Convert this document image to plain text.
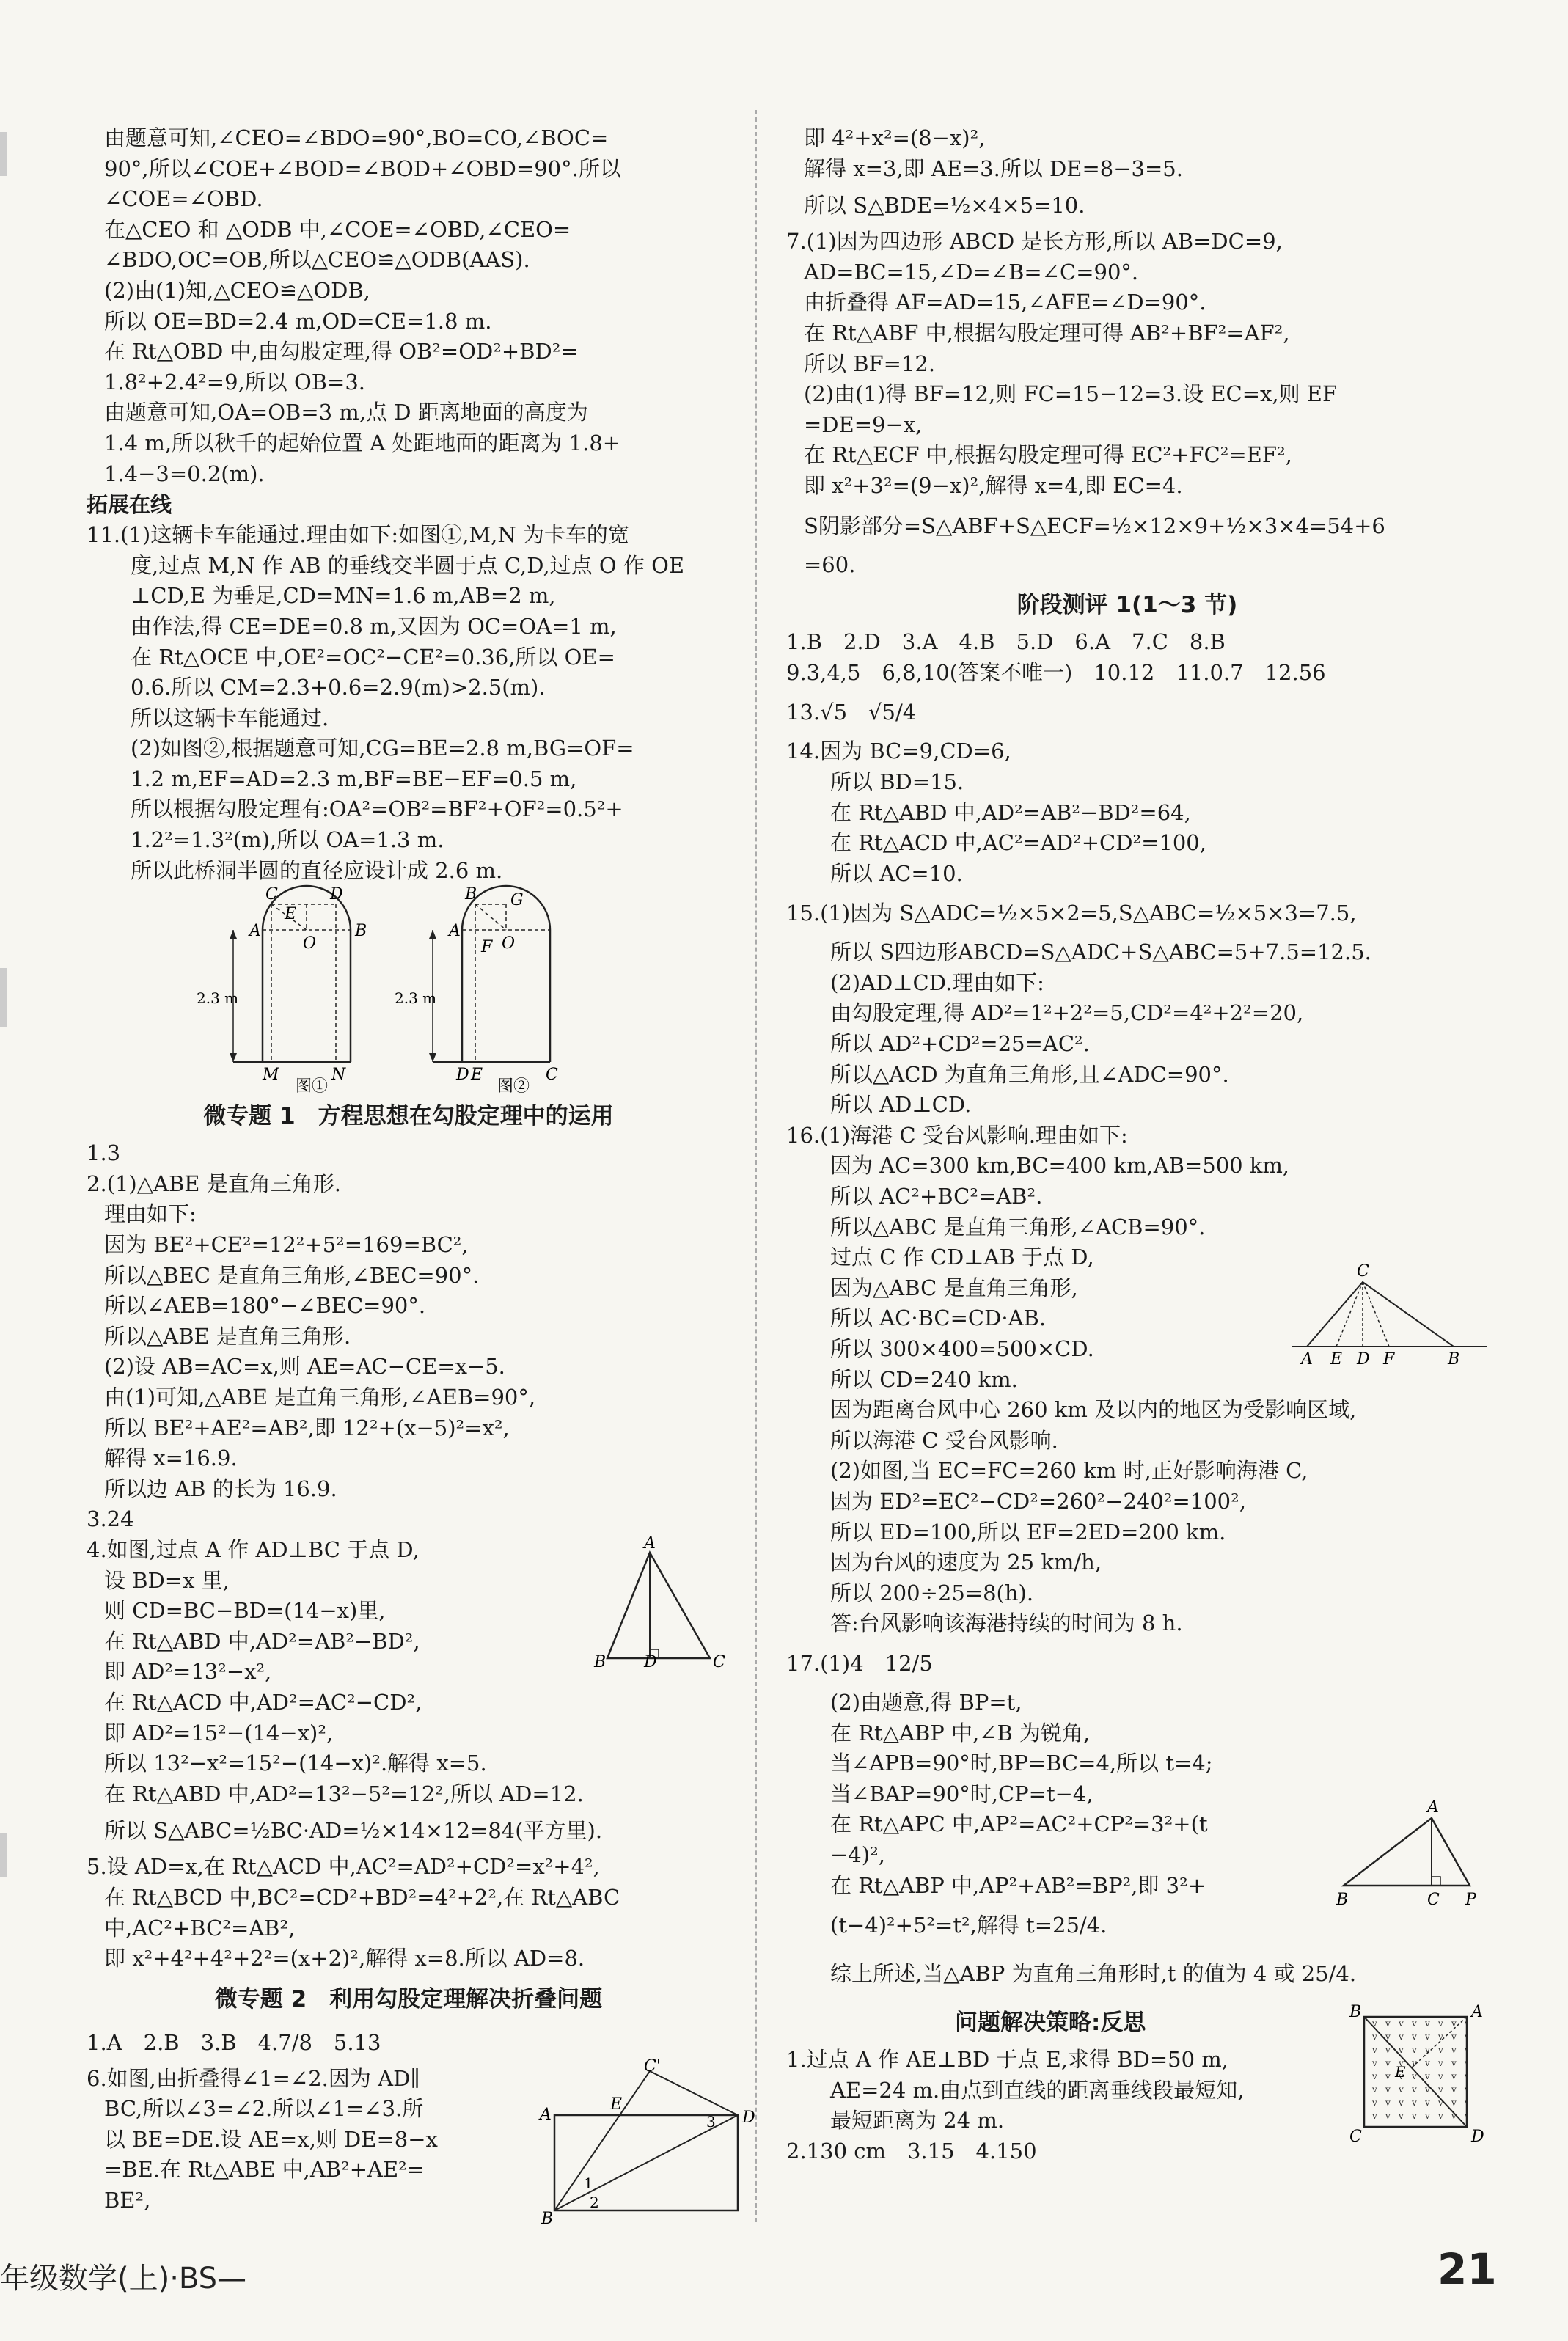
由题意可知,∠CEO=∠BDO=90°,BO=CO,∠BOC=
90°,所以∠COE+∠BOD=∠BOD+∠OBD=90°.所以
∠COE=∠OBD.
在△CEO 和 △ODB 中,∠COE=∠OBD,∠CEO=
∠BDO,OC=OB,所以△CEO≌△ODB(AAS).
(2)由(1)知,△CEO≌△ODB,
所以 OE=BD=2.4 m,OD=CE=1.8 m.
在 Rt△OBD 中,由勾股定理,得 OB²=OD²+BD²=
1.8²+2.4²=9,所以 OB=3.
由题意可知,OA=OB=3 m,点 D 距离地面的高度为
1.4 m,所以秋千的起始位置 A 处距地面的距离为 1.8+
1.4−3=0.2(m).
拓展在线
11.(1)这辆卡车能通过.理由如下:如图①,M,N 为卡车的宽
度,过点 M,N 作 AB 的垂线交半圆于点 C,D,过点 O 作 OE
⊥CD,E 为垂足,CD=MN=1.6 m,AB=2 m,
由作法,得 CE=DE=0.8 m,又因为 OC=OA=1 m,
在 Rt△OCE 中,OE²=OC²−CE²=0.36,所以 OE=
0.6.所以 CM=2.3+0.6=2.9(m)>2.5(m).
所以这辆卡车能通过.
(2)如图②,根据题意可知,CG=BE=2.8 m,BG=OF=
1.2 m,EF=AD=2.3 m,BF=BE−EF=0.5 m,
所以根据勾股定理有:OA²=OB²=BF²+OF²=0.5²+
1.2²=1.3²(m),所以 OA=1.3 m.
所以此桥洞半圆的直径应设计成 2.6 m.
C
E
D
A
O
B
2.3 m
M	N
图①
B G
A
F O
2.3 m
D E	C
图②
微专题 1　方程思想在勾股定理中的运用
1.3
2.(1)△ABE 是直角三角形.
理由如下:
因为 BE²+CE²=12²+5²=169=BC²,
所以△BEC 是直角三角形,∠BEC=90°.
所以∠AEB=180°−∠BEC=90°.
所以△ABE 是直角三角形.
(2)设 AB=AC=x,则 AE=AC−CE=x−5.
由(1)可知,△ABE 是直角三角形,∠AEB=90°,
所以 BE²+AE²=AB²,即 12²+(x−5)²=x²,
解得 x=16.9.
所以边 AB 的长为 16.9.
3.24
A
B D	C
4.如图,过点 A 作 AD⊥BC 于点 D,
设 BD=x 里,
则 CD=BC−BD=(14−x)里,
在 Rt△ABD 中,AD²=AB²−BD²,
即 AD²=13²−x²,
在 Rt△ACD 中,AD²=AC²−CD²,
即 AD²=15²−(14−x)²,
所以 13²−x²=15²−(14−x)².解得 x=5.
在 Rt△ABD 中,AD²=13²−5²=12²,所以 AD=12.
所以 S△ABC=½BC·AD=½×14×12=84(平方里).
5.设 AD=x,在 Rt△ACD 中,AC²=AD²+CD²=x²+4²,
在 Rt△BCD 中,BC²=CD²+BD²=4²+2²,在 Rt△ABC
中,AC²+BC²=AB²,
即 x²+4²+4²+2²=(x+2)²,解得 x=8.所以 AD=8.
微专题 2　利用勾股定理解决折叠问题
1.A　2.B　3.B　4.7/8　5.13
C'
A
E
3 D
1
2
B
6.如图,由折叠得∠1=∠2.因为 AD∥
BC,所以∠3=∠2.所以∠1=∠3.所
以 BE=DE.设 AE=x,则 DE=8−x
=BE.在 Rt△ABE 中,AB²+AE²=
BE²,
即 4²+x²=(8−x)²,
解得 x=3,即 AE=3.所以 DE=8−3=5.
所以 S△BDE=½×4×5=10.
7.(1)因为四边形 ABCD 是长方形,所以 AB=DC=9,
AD=BC=15,∠D=∠B=∠C=90°.
由折叠得 AF=AD=15,∠AFE=∠D=90°.
在 Rt△ABF 中,根据勾股定理可得 AB²+BF²=AF²,
所以 BF=12.
(2)由(1)得 BF=12,则 FC=15−12=3.设 EC=x,则 EF
=DE=9−x,
在 Rt△ECF 中,根据勾股定理可得 EC²+FC²=EF²,
即 x²+3²=(9−x)²,解得 x=4,即 EC=4.
S阴影部分=S△ABF+S△ECF=½×12×9+½×3×4=54+6
=60.
阶段测评 1(1～3 节)
1.B　2.D　3.A　4.B　5.D　6.A　7.C　8.B
9.3,4,5　6,8,10(答案不唯一)　10.12　11.0.7　12.56
13.√5　√5/4
14.因为 BC=9,CD=6,
所以 BD=15.
在 Rt△ABD 中,AD²=AB²−BD²=64,
在 Rt△ACD 中,AC²=AD²+CD²=100,
所以 AC=10.
15.(1)因为 S△ADC=½×5×2=5,S△ABC=½×5×3=7.5,
所以 S四边形ABCD=S△ADC+S△ABC=5+7.5=12.5.
(2)AD⊥CD.理由如下:
由勾股定理,得 AD²=1²+2²=5,CD²=4²+2²=20,
所以 AD²+CD²=25=AC².
所以△ACD 为直角三角形,且∠ADC=90°.
所以 AD⊥CD.
C
A E D F	B
16.(1)海港 C 受台风影响.理由如下:
因为 AC=300 km,BC=400 km,AB=500 km,
所以 AC²+BC²=AB².
所以△ABC 是直角三角形,∠ACB=90°.
过点 C 作 CD⊥AB 于点 D,
因为△ABC 是直角三角形,
所以 AC·BC=CD·AB.
所以 300×400=500×CD.
所以 CD=240 km.
因为距离台风中心 260 km 及以内的地区为受影响区域,
所以海港 C 受台风影响.
(2)如图,当 EC=FC=260 km 时,正好影响海港 C,
因为 ED²=EC²−CD²=260²−240²=100²,
所以 ED=100,所以 EF=2ED=200 km.
因为台风的速度为 25 km/h,
所以 200÷25=8(h).
答:台风影响该海港持续的时间为 8 h.
17.(1)4　12/5
A
B	C P
(2)由题意,得 BP=t,
在 Rt△ABP 中,∠B 为锐角,
当∠APB=90°时,BP=BC=4,所以 t=4;
当∠BAP=90°时,CP=t−4,
在 Rt△APC 中,AP²=AC²+CP²=3²+(t
−4)²,
在 Rt△ABP 中,AP²+AB²=BP²,即 3²+
(t−4)²+5²=t²,解得 t=25/4.
综上所述,当△ABP 为直角三角形时,t 的值为 4 或 25/4.
B	A
E
C	D
问题解决策略:反思
1.过点 A 作 AE⊥BD 于点 E,求得 BD=50 m,
AE=24 m.由点到直线的距离垂线段最短知,
最短距离为 24 m.
2.130 cm　3.15　4.150
年级数学(上)·BS—	21
